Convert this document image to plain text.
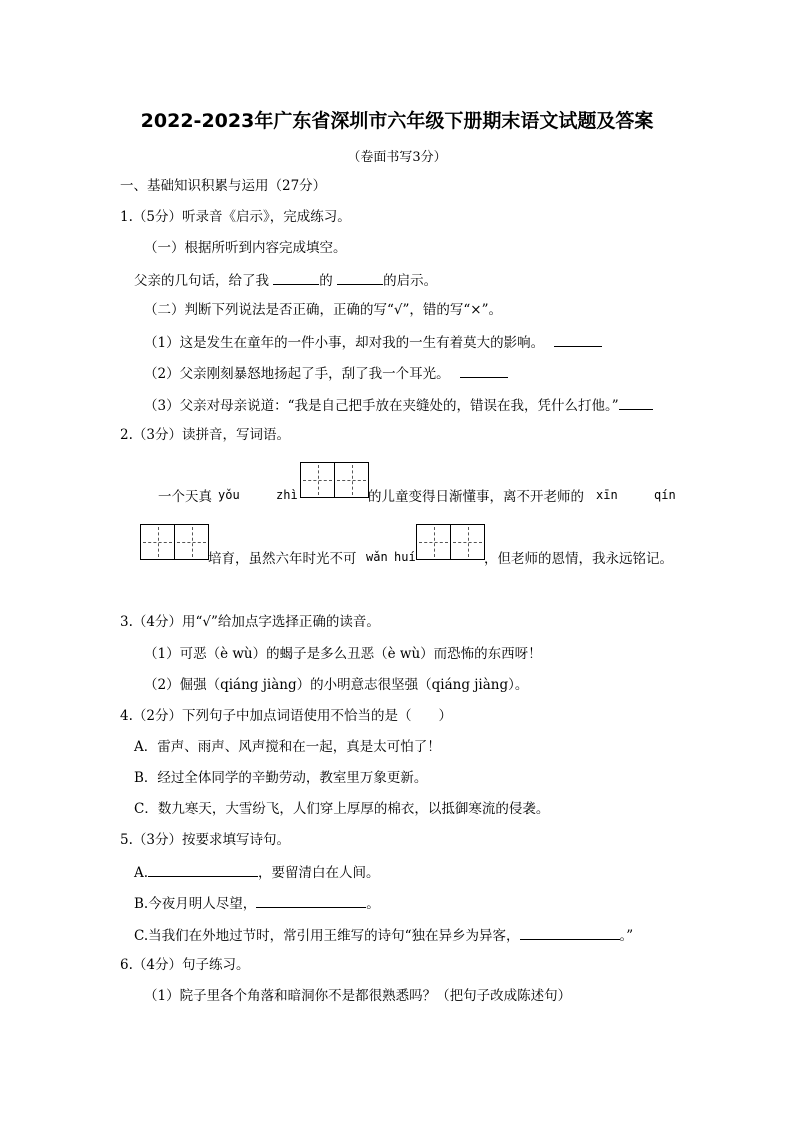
2022-2023年广东省深圳市六年级下册期末语文试题及答案
（卷面书写3分）
一、基础知识积累与运用（27分）
1.（5分）听录音《启示》，完成练习。
（一）根据所听到内容完成填空。
父亲的几句话，给了我	的	的启示。
（二）判断下列说法是否正确，正确的写“√”，错的写“×”。
（1）这是发生在童年的一件小事，却对我的一生有着莫大的影响。
（2）父亲刚刻暴怒地扬起了手，刮了我一个耳光。
（3）父亲对母亲说道：“我是自己把手放在夹缝处的，错误在我，凭什么打他。”
2.（3分）读拼音，写词语。
一个天真 yǒu	zhì	的儿童变得日渐懂事，离不开老师的 xīn	qín
培育，虽然六年时光不可 wǎn huí	，但老师的恩情，我永远铭记。
3.（4分）用“√”给加点字选择正确的读音。
（1）可恶（è wù）的蝎子是多么丑恶（è wù）而恐怖的东西呀！
（2）倔强（qiáng jiàng）的小明意志很坚强（qiáng jiàng）。
4.（2分）下列句子中加点词语使用不恰当的是（　　）
A．雷声、雨声、风声搅和在一起，真是太可怕了！
B．经过全体同学的辛勤劳动，教室里万象更新。
C．数九寒天，大雪纷飞，人们穿上厚厚的棉衣，以抵御寒流的侵袭。
5.（3分）按要求填写诗句。
A.	，要留清白在人间。
B.今夜月明人尽望，	。
C.当我们在外地过节时，常引用王维写的诗句“独在异乡为异客，	。”
6.（4分）句子练习。
（1）院子里各个角落和暗洞你不是都很熟悉吗？（把句子改成陈述句）
